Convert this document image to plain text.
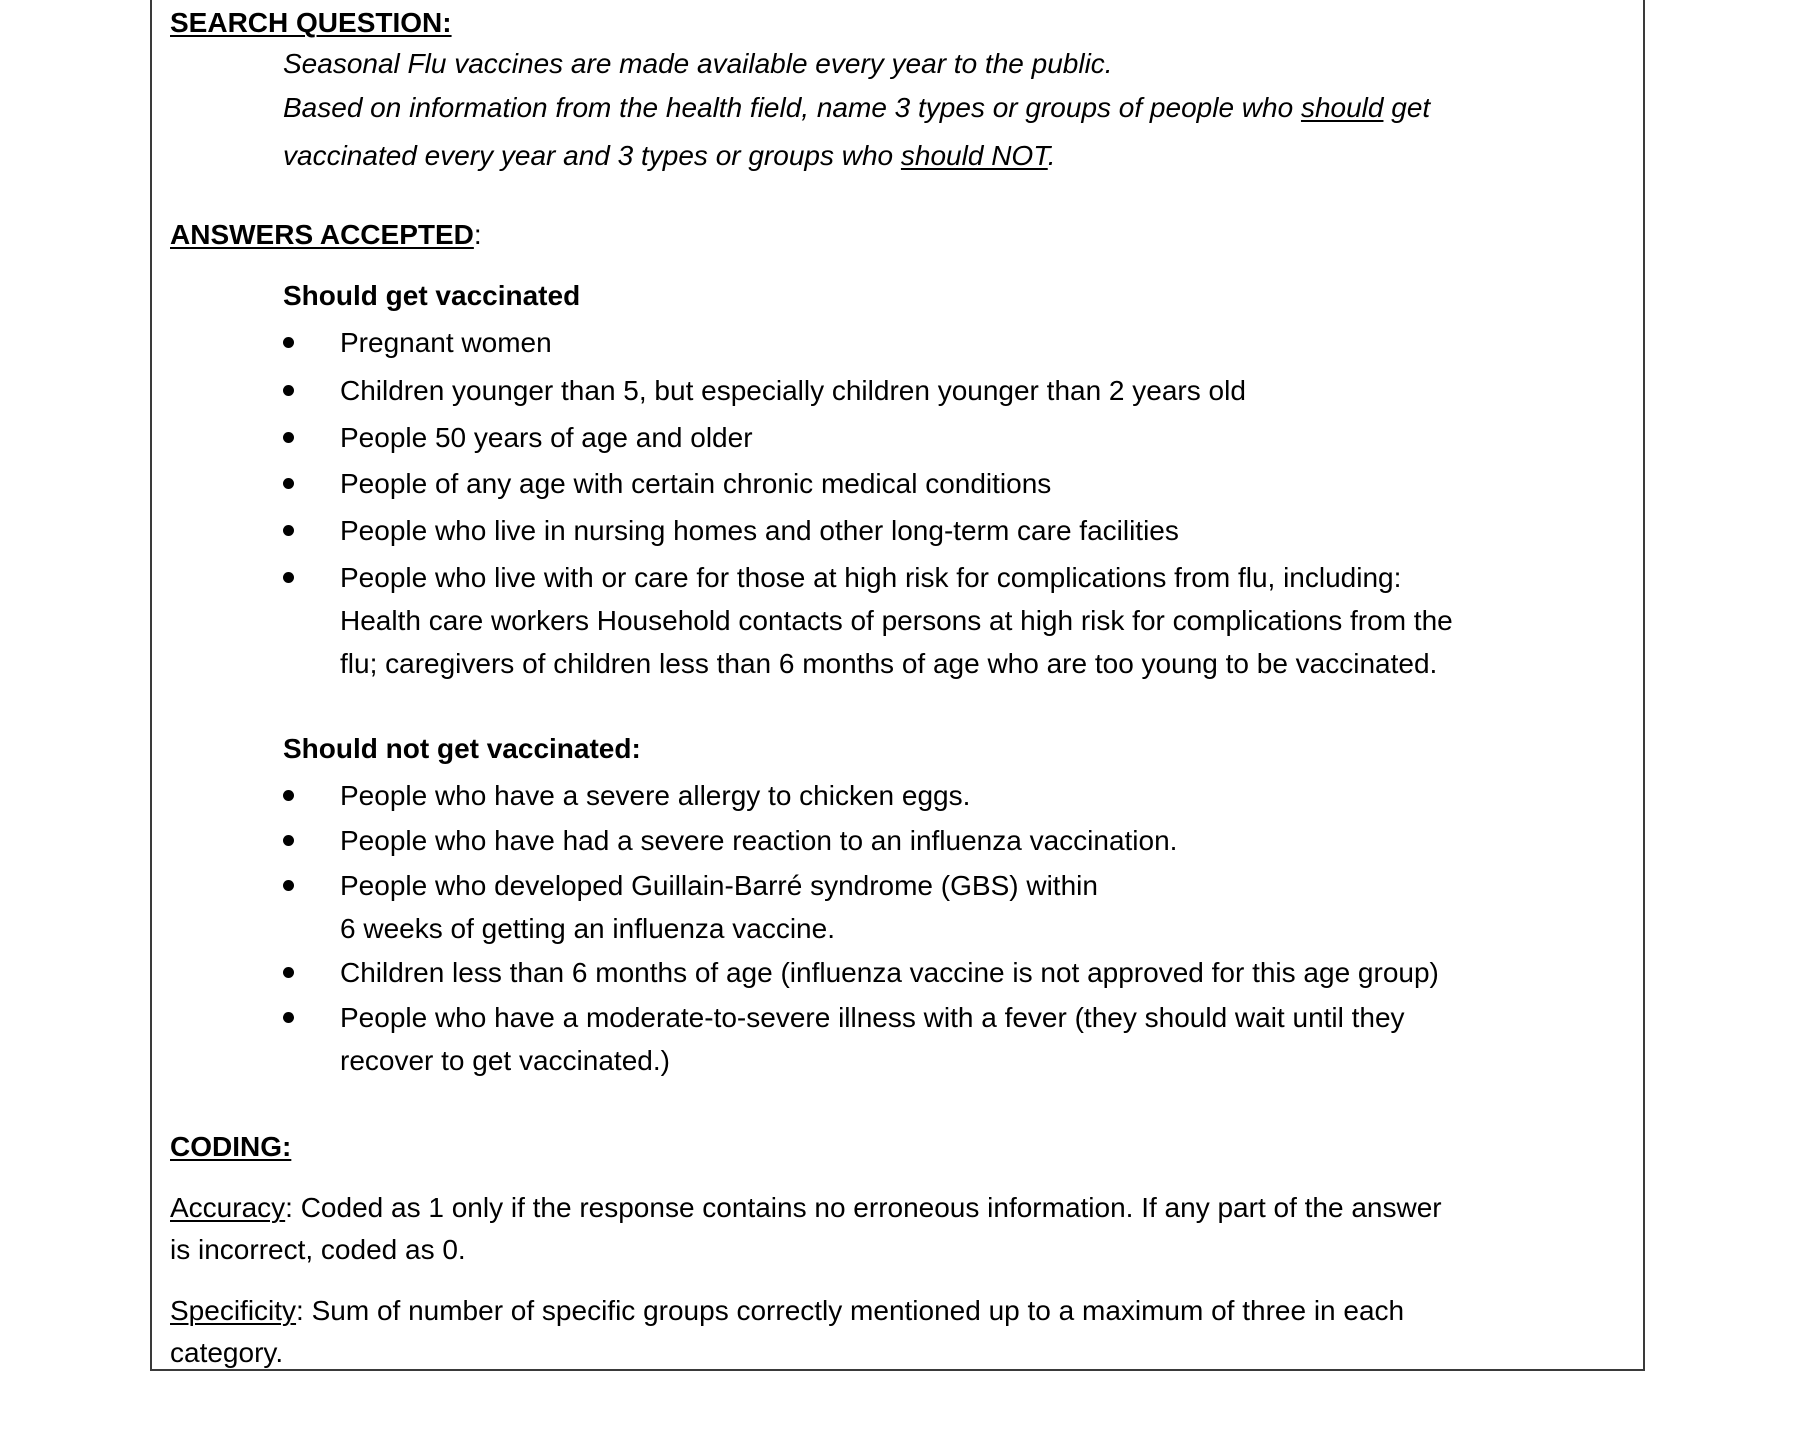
SEARCH QUESTION:
Seasonal Flu vaccines are made available every year to the public.
Based on information from the health field, name 3 types or groups of people who should get
vaccinated every year and 3 types or groups who should NOT.
ANSWERS ACCEPTED:
Should get vaccinated
Pregnant women
Children younger than 5, but especially children younger than 2 years old
People 50 years of age and older
People of any age with certain chronic medical conditions
People who live in nursing homes and other long-term care facilities
People who live with or care for those at high risk for complications from flu, including:
Health care workers Household contacts of persons at high risk for complications from the
flu; caregivers of children less than 6 months of age who are too young to be vaccinated.
Should not get vaccinated:
People who have a severe allergy to chicken eggs.
People who have had a severe reaction to an influenza vaccination.
People who developed Guillain-Barré syndrome (GBS) within
6 weeks of getting an influenza vaccine.
Children less than 6 months of age (influenza vaccine is not approved for this age group)
People who have a moderate-to-severe illness with a fever (they should wait until they
recover to get vaccinated.)
CODING:
Accuracy: Coded as 1 only if the response contains no erroneous information. If any part of the answer
is incorrect, coded as 0.
Specificity: Sum of number of specific groups correctly mentioned up to a maximum of three in each
category.
